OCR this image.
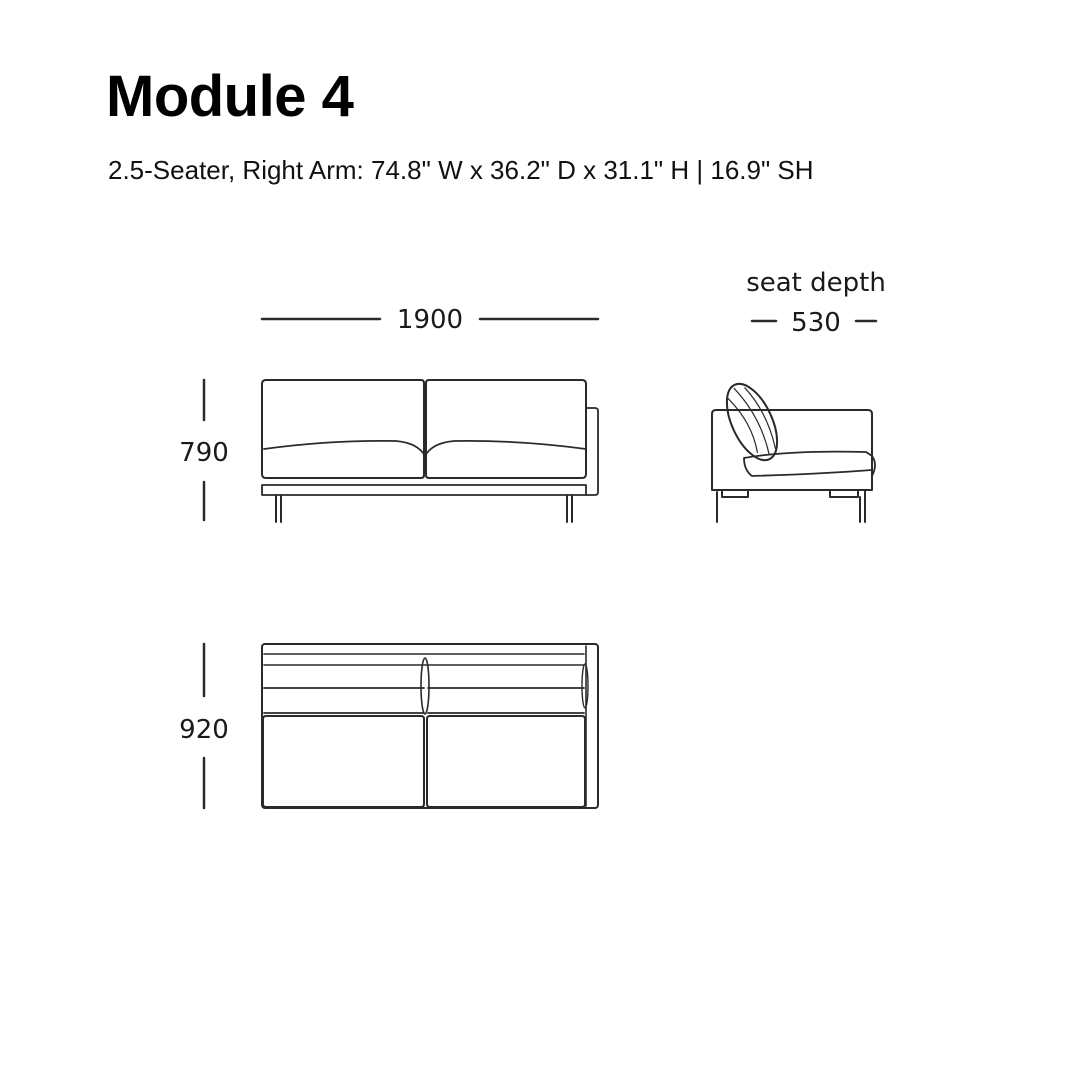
Module 4
2.5-Seater, Right Arm: 74.8" W x 36.2" D x 31.1" H | 16.9" SH
1900
seat depth
530
790
920
